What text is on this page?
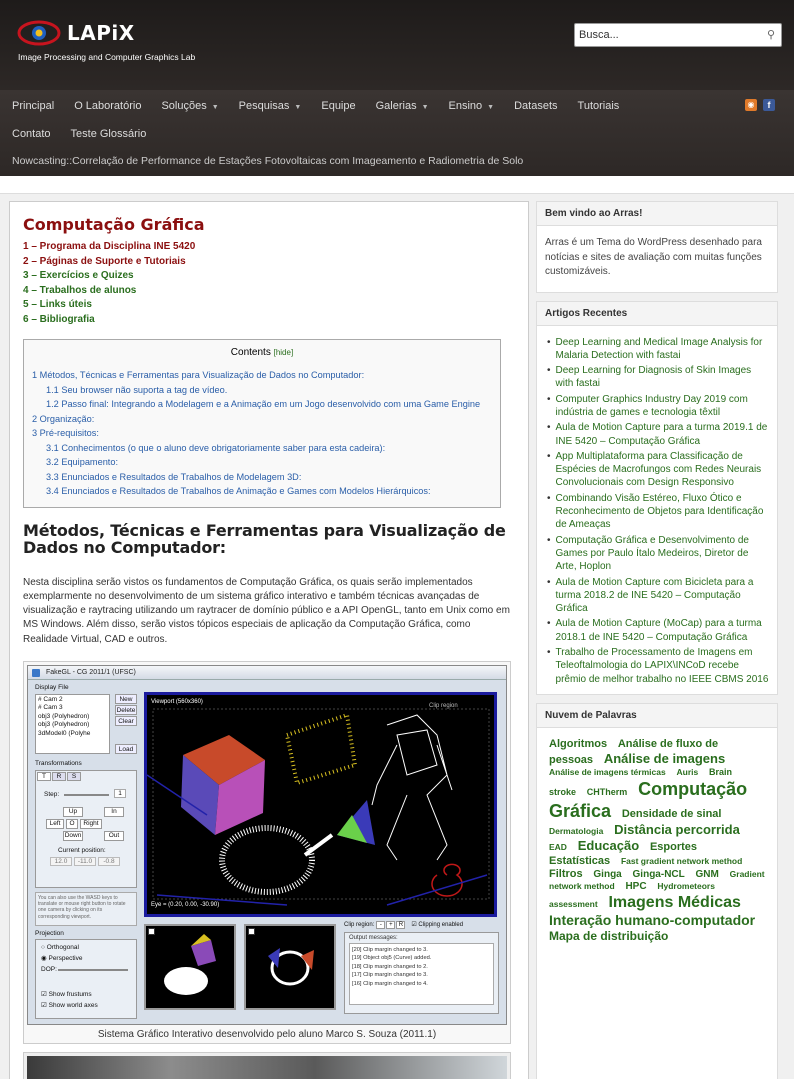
LAPiX
Image Processing and Computer Graphics Lab
Busca...
⚲
Principal O Laboratório Soluções ▼ Pesquisas ▼ Equipe Galerias ▼ Ensino ▼ Datasets Tutoriais
Contato Teste Glossário
◉	f
Nowcasting::Correlação de Performance de Estações Fotovoltaicas com Imageamento e Radiometria de Solo
Computação Gráfica
1 – Programa da Disciplina INE 5420
2 – Páginas de Suporte e Tutoriais
3 – Exercícios e Quizes
4 – Trabalhos de alunos
5 – Links úteis
6 – Bibliografia
Contents [hide]
1 Métodos, Técnicas e Ferramentas para Visualização de Dados no Computador:
1.1 Seu browser não suporta a tag de vídeo.
1.2 Passo final: Integrando a Modelagem e a Animação em um Jogo desenvolvido com uma Game Engine
2 Organização:
3 Pré-requisitos:
3.1 Conhecimentos (o que o aluno deve obrigatoriamente saber para esta cadeira):
3.2 Equipamento:
3.3 Enunciados e Resultados de Trabalhos de Modelagem 3D:
3.4 Enunciados e Resultados de Trabalhos de Animação e Games com Modelos Hierárquicos:
Métodos, Técnicas e Ferramentas para Visualização de Dados no Computador:
Nesta disciplina serão vistos os fundamentos de Computação Gráfica, os quais serão implementados exemplarmente no desenvolvimento de um sistema gráfico interativo e também técnicas avançadas de visualização e raytracing utilizando um raytracer de domínio público e a API OpenGL, tanto em Unix como em MS Windows. Além disso, serão vistos tópicos especiais de aplicação da Computação Gráfica, como Realidade Virtual, CAD e outros.
FakeGL - CG 2011/1 (UFSC)
Display File
# Cam 2
# Cam 3
obj3 (Polyhedron)
obj3 (Polyhedron)
3dModel0 (Polyhe
New
Delete
Clear
Load
Transformations
T	R	S
Step:	1
Up	In
Left	O	Right
Down	Out
Current position:
12.0	-11.0	-0.8
You can also use the WASD keys to translate or mouse right button to rotate one camera by clicking on its corresponding viewport.
Projection
○ Orthogonal
◉ Perspective
DOP:
☑ Show frustums
☑ Show world axes
Viewport (560x360)
Clip region
Eye = (0.20, 0.00, -30.90)
Clip region: -	+	R	☑ Clipping enabled
Output messages:
[20] Clip margin changed to 3.
[19] Object obj5 (Curve) added.
[18] Clip margin changed to 2.
[17] Clip margin changed to 3.
[16] Clip margin changed to 4.
Sistema Gráfico Interativo desenvolvido pelo aluno Marco S. Souza (2011.1)
Bem vindo ao Arras!
Arras é um Tema do WordPress desenhado para notícias e sites de avaliação com muitas funções customizáveis.
Artigos Recentes
• Deep Learning and Medical Image Analysis for Malaria Detection with fastai
• Deep Learning for Diagnosis of Skin Images with fastai
• Computer Graphics Industry Day 2019 com indústria de games e tecnologia têxtil
• Aula de Motion Capture para a turma 2019.1 de INE 5420 – Computação Gráfica
• App Multiplataforma para Classificação de Espécies de Macrofungos com Redes Neurais Convolucionais com Design Responsivo
• Combinando Visão Estéreo, Fluxo Ótico e Reconhecimento de Objetos para Identificação de Ameaças
• Computação Gráfica e Desenvolvimento de Games por Paulo Ítalo Medeiros, Diretor de Arte, Hoplon
• Aula de Motion Capture com Bicicleta para a turma 2018.2 de INE 5420 – Computação Gráfica
• Aula de Motion Capture (MoCap) para a turma 2018.1 de INE 5420 – Computação Gráfica
• Trabalho de Processamento de Imagens em Teleoftalmologia do LAPIX\INCoD recebe prêmio de melhor trabalho no IEEE CBMS 2016
Nuvem de Palavras
Algoritmos Análise de fluxo de pessoas Análise de imagens Análise de imagens térmicas Auris Brain stroke CHTherm Computação Gráfica Densidade de sinal Dermatologia Distância percorrida EAD Educação Esportes Estatísticas Fast gradient network method Filtros Ginga Ginga-NCL GNM Gradient network method HPC Hydrometeors assessment Imagens Médicas Interação humano-computador Mapa de distribuição
